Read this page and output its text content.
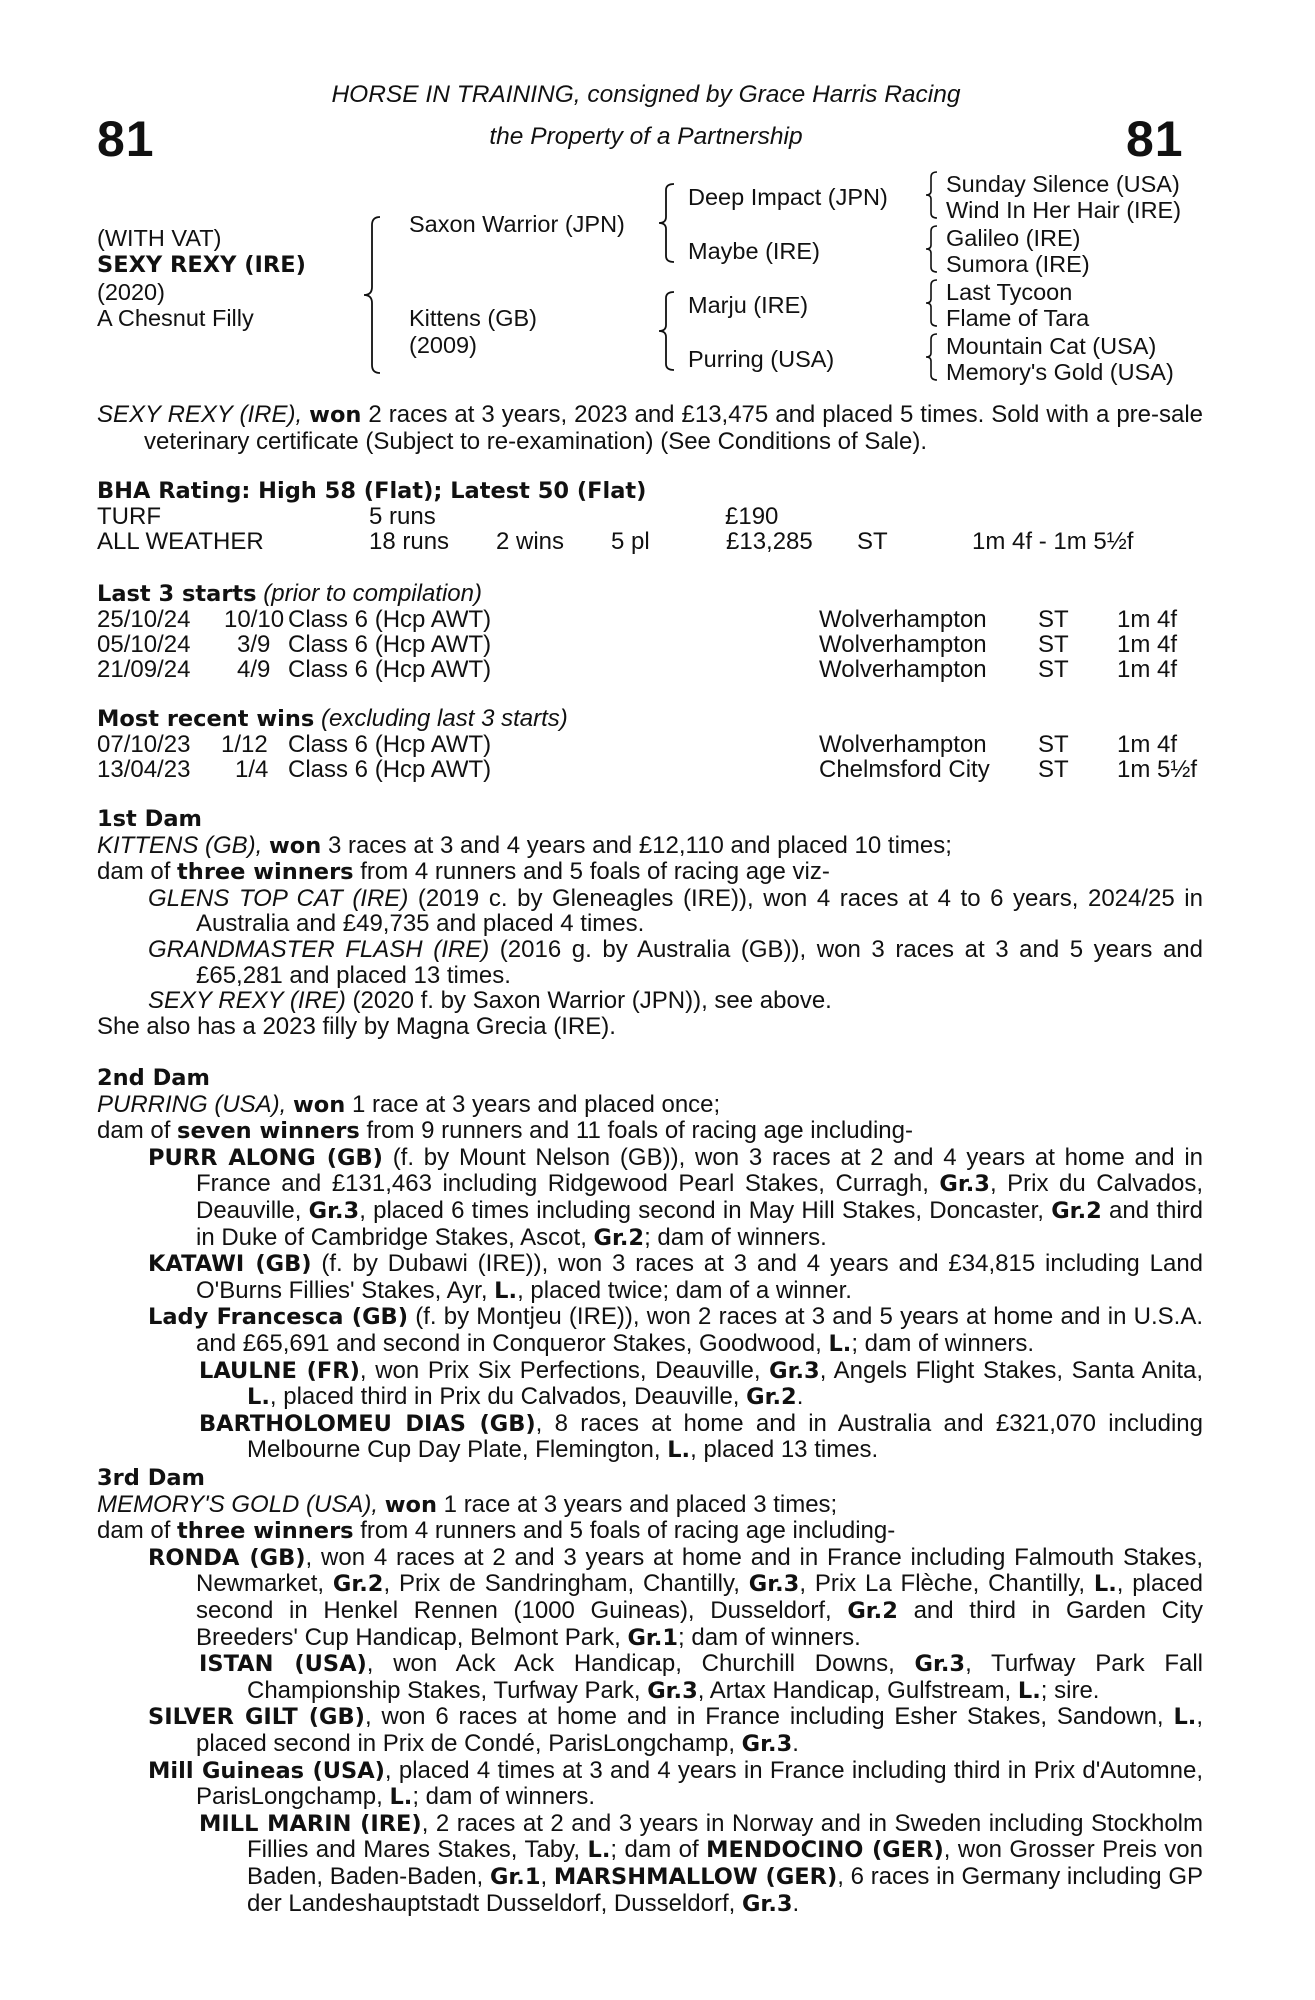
81	81
HORSE IN TRAINING, consigned by Grace Harris Racing
the Property of a Partnership
(WITH VAT)
SEXY REXY (IRE)
(2020)
A Chesnut Filly
Saxon Warrior (JPN)
Kittens (GB)
(2009)
Deep Impact (JPN)
Maybe (IRE)
Marju (IRE)
Purring (USA)
Sunday Silence (USA)
Wind In Her Hair (IRE)
Galileo (IRE)
Sumora (IRE)
Last Tycoon
Flame of Tara
Mountain Cat (USA)
Memory's Gold (USA)
SEXY REXY (IRE), won 2 races at 3 years, 2023 and £13,475 and placed 5 times. Sold with a pre-sale veterinary certificate (Subject to re-examination) (See Conditions of Sale).
BHA Rating: High 58 (Flat); Latest 50 (Flat)
TURF	5 runs	£190
ALL WEATHER	18 runs 2 wins 5 pl	£13,285 ST	1m 4f - 1m 5½f
Last 3 starts (prior to compilation)
25/10/24 10/10 Class 6 (Hcp AWT)	Wolverhampton ST 1m 4f
05/10/24 3/9 Class 6 (Hcp AWT)	Wolverhampton ST 1m 4f
21/09/24 4/9 Class 6 (Hcp AWT)	Wolverhampton ST 1m 4f
Most recent wins (excluding last 3 starts)
07/10/23 1/12 Class 6 (Hcp AWT)	Wolverhampton ST 1m 4f
13/04/23 1/4 Class 6 (Hcp AWT)	Chelmsford City ST 1m 5½f
1st Dam
KITTENS (GB), won 3 races at 3 and 4 years and £12,110 and placed 10 times;
dam of three winners from 4 runners and 5 foals of racing age viz-
GLENS TOP CAT (IRE) (2019 c. by Gleneagles (IRE)), won 4 races at 4 to 6 years, 2024/25 in Australia and £49,735 and placed 4 times.
GRANDMASTER FLASH (IRE) (2016 g. by Australia (GB)), won 3 races at 3 and 5 years and £65,281 and placed 13 times.
SEXY REXY (IRE) (2020 f. by Saxon Warrior (JPN)), see above.
She also has a 2023 filly by Magna Grecia (IRE).
2nd Dam
PURRING (USA), won 1 race at 3 years and placed once;
dam of seven winners from 9 runners and 11 foals of racing age including-
PURR ALONG (GB) (f. by Mount Nelson (GB)), won 3 races at 2 and 4 years at home and in France and £131,463 including Ridgewood Pearl Stakes, Curragh, Gr.3, Prix du Calvados, Deauville, Gr.3, placed 6 times including second in May Hill Stakes, Doncaster, Gr.2 and third in Duke of Cambridge Stakes, Ascot, Gr.2; dam of winners.
KATAWI (GB) (f. by Dubawi (IRE)), won 3 races at 3 and 4 years and £34,815 including Land O'Burns Fillies' Stakes, Ayr, L., placed twice; dam of a winner.
Lady Francesca (GB) (f. by Montjeu (IRE)), won 2 races at 3 and 5 years at home and in U.S.A. and £65,691 and second in Conqueror Stakes, Goodwood, L.; dam of winners.
LAULNE (FR), won Prix Six Perfections, Deauville, Gr.3, Angels Flight Stakes, Santa Anita, L., placed third in Prix du Calvados, Deauville, Gr.2.
BARTHOLOMEU DIAS (GB), 8 races at home and in Australia and £321,070 including Melbourne Cup Day Plate, Flemington, L., placed 13 times.
3rd Dam
MEMORY'S GOLD (USA), won 1 race at 3 years and placed 3 times;
dam of three winners from 4 runners and 5 foals of racing age including-
RONDA (GB), won 4 races at 2 and 3 years at home and in France including Falmouth Stakes, Newmarket, Gr.2, Prix de Sandringham, Chantilly, Gr.3, Prix La Flèche, Chantilly, L., placed second in Henkel Rennen (1000 Guineas), Dusseldorf, Gr.2 and third in Garden City Breeders' Cup Handicap, Belmont Park, Gr.1; dam of winners.
ISTAN (USA), won Ack Ack Handicap, Churchill Downs, Gr.3, Turfway Park Fall Championship Stakes, Turfway Park, Gr.3, Artax Handicap, Gulfstream, L.; sire.
SILVER GILT (GB), won 6 races at home and in France including Esher Stakes, Sandown, L., placed second in Prix de Condé, ParisLongchamp, Gr.3.
Mill Guineas (USA), placed 4 times at 3 and 4 years in France including third in Prix d'Automne, ParisLongchamp, L.; dam of winners.
MILL MARIN (IRE), 2 races at 2 and 3 years in Norway and in Sweden including Stockholm Fillies and Mares Stakes, Taby, L.; dam of MENDOCINO (GER), won Grosser Preis von Baden, Baden-Baden, Gr.1, MARSHMALLOW (GER), 6 races in Germany including GP der Landeshauptstadt Dusseldorf, Dusseldorf, Gr.3.
